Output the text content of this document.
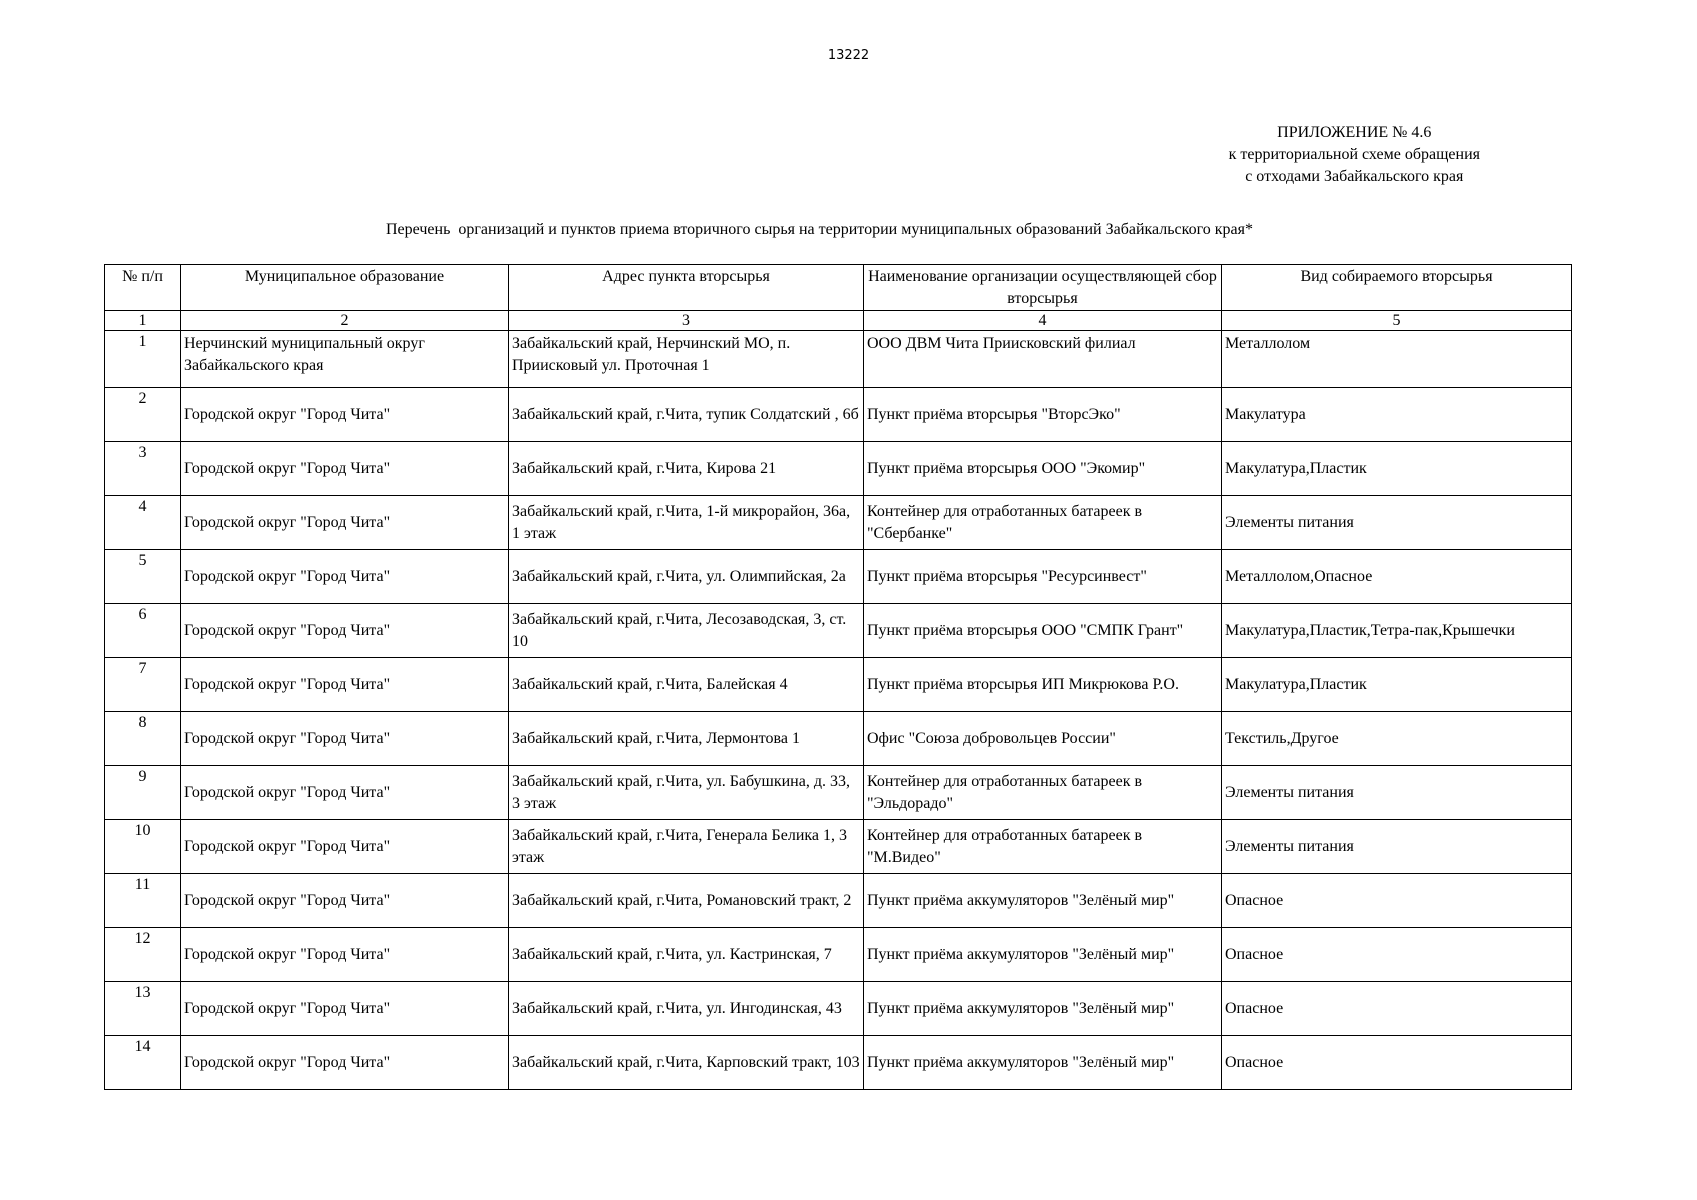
13222
ПРИЛОЖЕНИЕ № 4.6
к территориальной схеме обращения
с отходами Забайкальского края
Перечень  организаций и пунктов приема вторичного сырья на территории муниципальных образований Забайкальского края*
№ п/п	Муниципальное образование	Адрес пункта вторсырья	Наименование организации осуществляющей сбор вторсырья	Вид собираемого вторсырья
1	2	3	4	5
1	Нерчинский муниципальный округ Забайкальского края	Забайкальский край, Нерчинский МО, п. Приисковый ул. Проточная 1	ООО ДВМ Чита Приисковский филиал	Металлолом
2	Городской округ "Город Чита"	Забайкальский край, г.Чита, тупик Солдатский , 6б	Пункт приёма вторсырья "ВторсЭко"	Макулатура
3	Городской округ "Город Чита"	Забайкальский край, г.Чита, Кирова 21	Пункт приёма вторсырья ООО "Экомир"	Макулатура,Пластик
4	Городской округ "Город Чита"	Забайкальский край, г.Чита, 1-й микрорайон, 36а, 1 этаж	Контейнер для отработанных батареек в "Сбербанке"	Элементы питания
5	Городской округ "Город Чита"	Забайкальский край, г.Чита, ул. Олимпийская, 2а	Пункт приёма вторсырья "Ресурсинвест"	Металлолом,Опасное
6	Городской округ "Город Чита"	Забайкальский край, г.Чита, Лесозаводская, 3, ст. 10	Пункт приёма вторсырья ООО "СМПК Грант"	Макулатура,Пластик,Тетра-пак,Крышечки
7	Городской округ "Город Чита"	Забайкальский край, г.Чита, Балейская 4	Пункт приёма вторсырья ИП Микрюкова Р.О.	Макулатура,Пластик
8	Городской округ "Город Чита"	Забайкальский край, г.Чита, Лермонтова 1	Офис "Союза добровольцев России"	Текстиль,Другое
9	Городской округ "Город Чита"	Забайкальский край, г.Чита, ул. Бабушкина, д. 33, 3 этаж	Контейнер для отработанных батареек в "Эльдорадо"	Элементы питания
10	Городской округ "Город Чита"	Забайкальский край, г.Чита, Генерала Белика 1, 3 этаж	Контейнер для отработанных батареек в "М.Видео"	Элементы питания
11	Городской округ "Город Чита"	Забайкальский край, г.Чита, Романовский тракт, 2	Пункт приёма аккумуляторов "Зелёный мир"	Опасное
12	Городской округ "Город Чита"	Забайкальский край, г.Чита, ул. Кастринская, 7	Пункт приёма аккумуляторов "Зелёный мир"	Опасное
13	Городской округ "Город Чита"	Забайкальский край, г.Чита, ул. Ингодинская, 43	Пункт приёма аккумуляторов "Зелёный мир"	Опасное
14	Городской округ "Город Чита"	Забайкальский край, г.Чита, Карповский тракт, 103	Пункт приёма аккумуляторов "Зелёный мир"	Опасное
